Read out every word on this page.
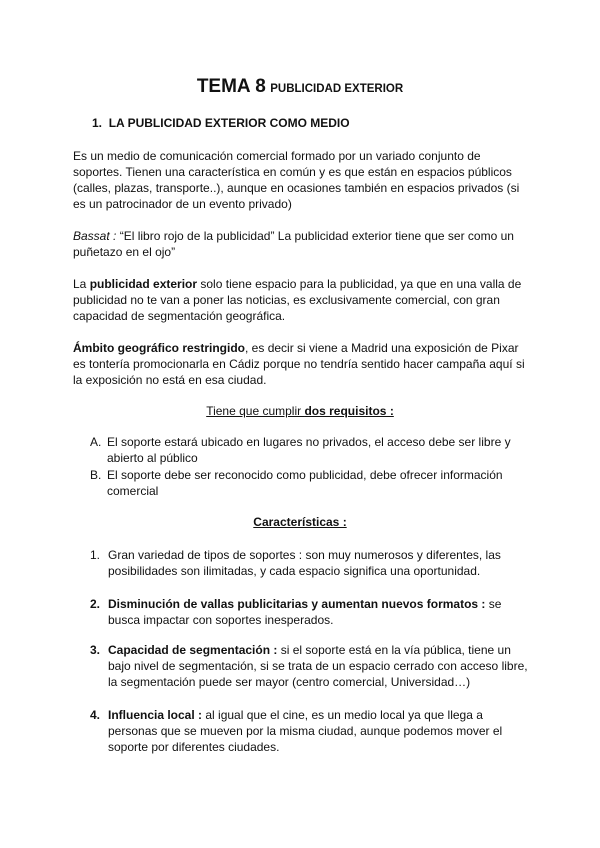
TEMA 8 PUBLICIDAD EXTERIOR
1. LA PUBLICIDAD EXTERIOR COMO MEDIO

Es un medio de comunicación comercial formado por un variado conjunto de soportes. Tienen una característica en común y es que están en espacios públicos (calles, plazas, transporte..), aunque en ocasiones también en espacios privados (si es un patrocinador de un evento privado)

Bassat : “El libro rojo de la publicidad” La publicidad exterior tiene que ser como un puñetazo en el ojo”

La publicidad exterior solo tiene espacio para la publicidad, ya que en una valla de publicidad no te van a poner las noticias, es exclusivamente comercial, con gran capacidad de segmentación geográfica.

Ámbito geográfico restringido, es decir si viene a Madrid una exposición de Pixar es tontería promocionarla en Cádiz porque no tendría sentido hacer campaña aquí si la exposición no está en esa ciudad.

Tiene que cumplir dos requisitos :
A. El soporte estará ubicado en lugares no privados, el acceso debe ser libre y abierto al público
B. El soporte debe ser reconocido como publicidad, debe ofrecer información comercial
Características :
1. Gran variedad de tipos de soportes : son muy numerosos y diferentes, las posibilidades son ilimitadas, y cada espacio significa una oportunidad.
2. Disminución de vallas publicitarias y aumentan nuevos formatos : se busca impactar con soportes inesperados.
3. Capacidad de segmentación : si el soporte está en la vía pública, tiene un bajo nivel de segmentación, si se trata de un espacio cerrado con acceso libre, la segmentación puede ser mayor (centro comercial, Universidad…)
4. Influencia local : al igual que el cine, es un medio local ya que llega a personas que se mueven por la misma ciudad, aunque podemos mover el soporte por diferentes ciudades.
